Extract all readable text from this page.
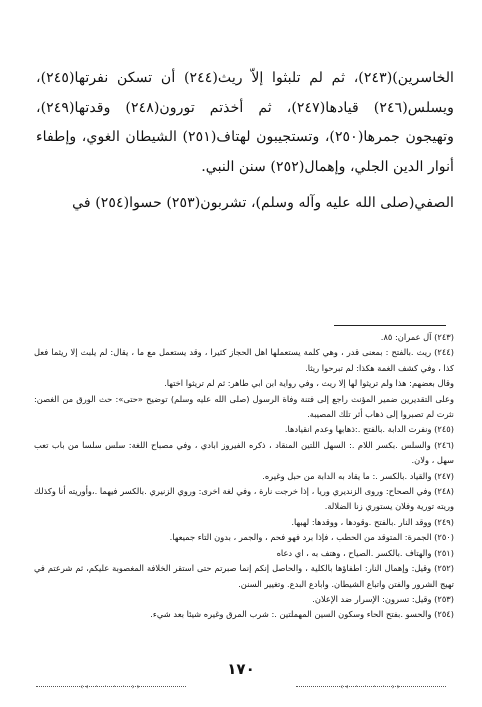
الخاسرين)(٢٤٣)، ثم لم تلبثوا إلاّ ريث(٢٤٤) أن تسكن نفرتها(٢٤٥)، ويسلس(٢٤٦) قيادها(٢٤٧)، ثم أخذتم تورون(٢٤٨) وقدتها(٢٤٩)، وتهيجون جمرها(٢٥٠)، وتستجيبون لهتاف(٢٥١) الشيطان الغوي، وإطفاء أنوار الدين الجلي، وإهمال(٢٥٢) سنن النبي.

الصفي(صلى الله عليه وآله وسلم)، تشربون(٢٥٣) حسوا(٢٥٤) في

(٢٤٣) آل عمران: ٨٥.

(٢٤٤) ريث .بالفتح : بمعنى قدر ، وهي كلمة يستعملها اهل الحجاز كثيرا ، وقد يستعمل مع ما ، يقال: لم يلبث إلا ريثما فعل كذا ، وفي كشف الغمة هكذا: لم تبرحوا ريثا.

وقال بعضهم: هذا ولم تريثوا لها إلا ريث ، وفي رواية ابن ابي طاهر: ثم لم تريثوا اختها.

وعلى التقديرين ضمير المؤنث راجع إلى فتنة وفاة الرسول (صلى الله عليه وسلم) توضيح «حتى»: حث الورق من الغصن: نثرت لم تصبروا إلى ذهاب أثر تلك المصيبة.

(٢٤٥) ونفرت الدابة .بالفتح .:ذهابها وعدم انقيادها.

(٢٤٦) والسلس .بكسر اللام .: السهل اللتين المنقاد ، ذكره الفيروز ابادي ، وفي مصباح اللغة: سلس سلسا من باب تعب سهل ، ولان.

(٢٤٧) والقياد .بالكسر .: ما يقاد به الدابة من حبل وغيره.

(٢٤٨) وفي الصحاح: وروى الزنديري وريا ، إذا خرجت نارة ، وفي لغة اخرى: وروي الزنيري .بالكسر فيهما .،وأوريته أنا وكذلك وريته تورية وفلان يستوري زنا الضلالة.

(٢٤٩) ووقد النار .بالفتح .وقودها ، ووقدها: لهبها.

(٢٥٠) الجمرة: المتوقد من الحطب ، فإذا برد فهو فحم ، والجمر ، بدون التاء جميعها.

(٢٥١) والهتاف .بالكسر .الصياح ، وهتف به ، اي دعاه

(٢٥٢) وقيل: وإهمال النار: اطفاؤها بالكلية ، والحاصل إنكم إنما صبرتم حتى استقر الخلافة المغصوبة عليكم، ثم شرعتم في تهيج الشرور والفتن واتباع الشيطان. وابادع البدع. وتغيير السنن.

(٢٥٣) وقيل: تسرون: الإسرار ضد الإعلان.

(٢٥٤) والحسو .بفتح الحاء وسكون السين المهملتين .: شرب المرق وغيره شيئا بعد شيء.

١٧٠
‹‹ · · · · ››	‹‹ · · · · ››
